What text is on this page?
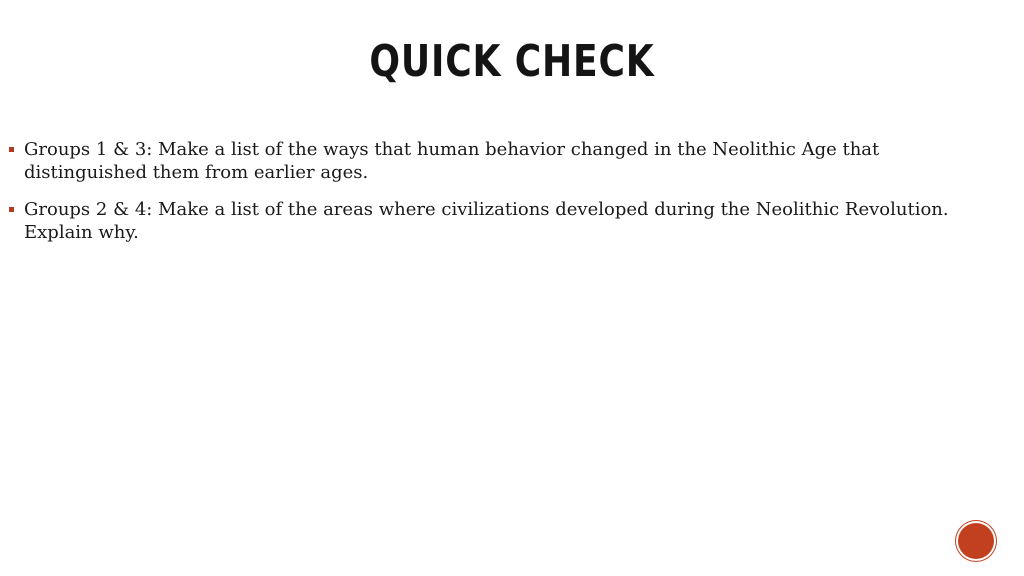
QUICK CHECK
Groups 1 & 3: Make a list of the ways that human behavior changed in the Neolithic Age that distinguished them from earlier ages.
Groups 2 & 4: Make a list of the areas where civilizations developed during the Neolithic Revolution. Explain why.
